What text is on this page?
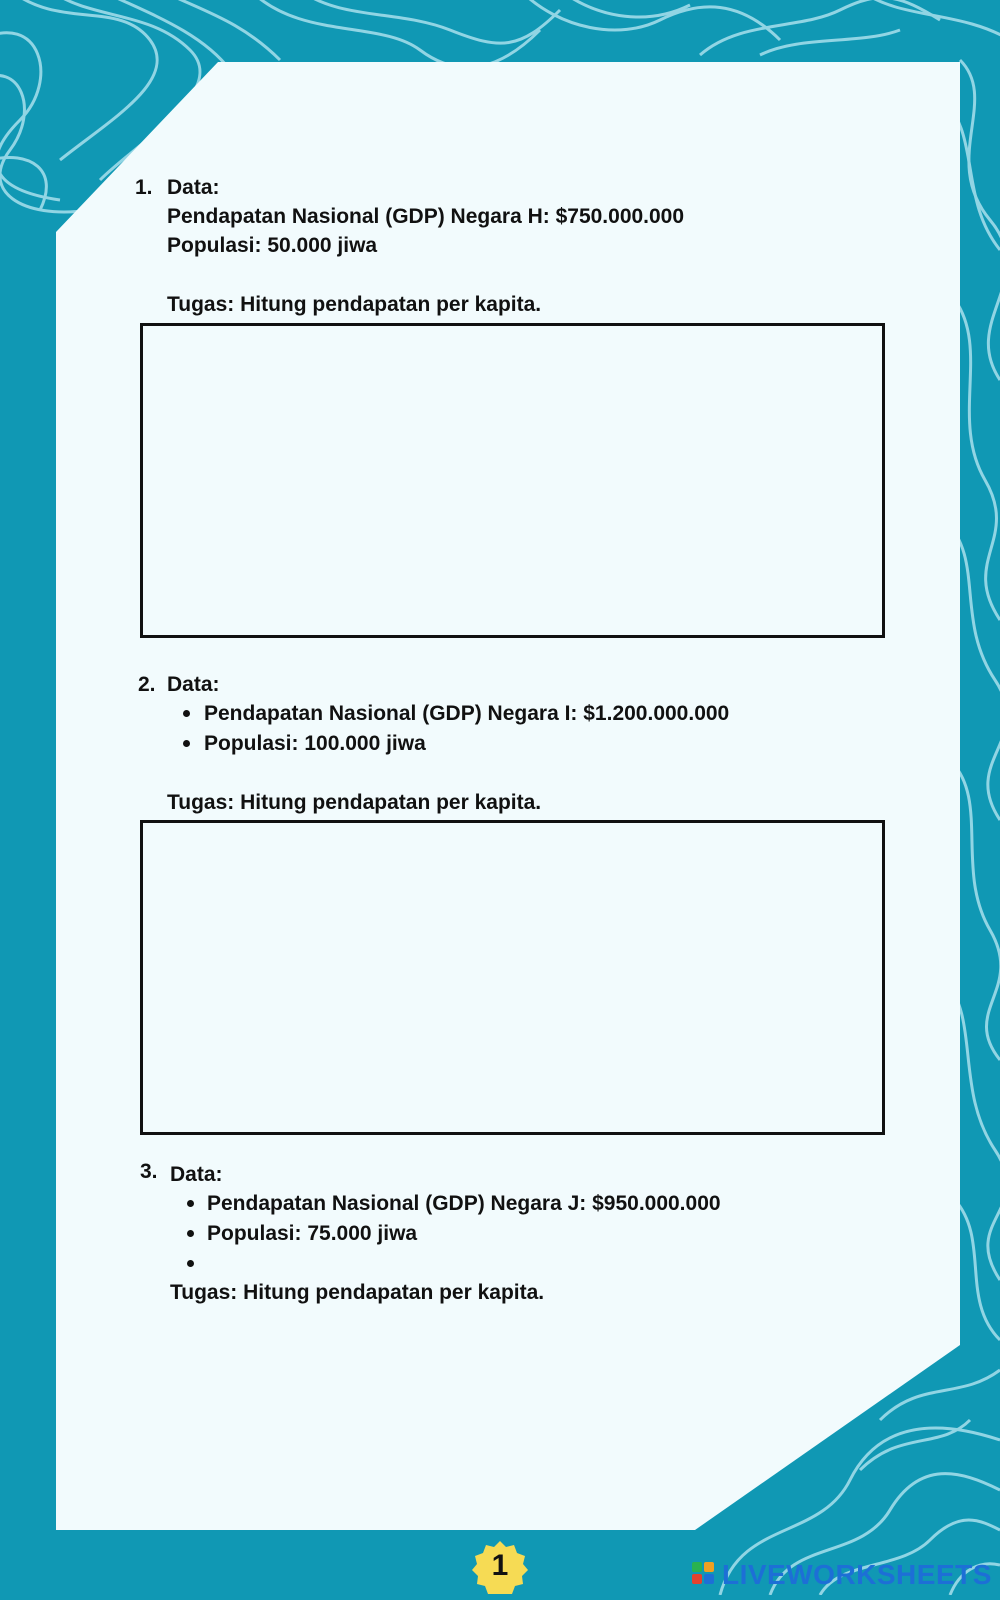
1. Data:
Pendapatan Nasional (GDP) Negara H: $750.000.000
Populasi: 50.000 jiwa
Tugas: Hitung pendapatan per kapita.
2. Data:
Pendapatan Nasional (GDP) Negara I: $1.200.000.000
Populasi: 100.000 jiwa
Tugas: Hitung pendapatan per kapita.
3. Data:
Pendapatan Nasional (GDP) Negara J: $950.000.000
Populasi: 75.000 jiwa
Tugas: Hitung pendapatan per kapita.
1	LIVEWORKSHEETS
